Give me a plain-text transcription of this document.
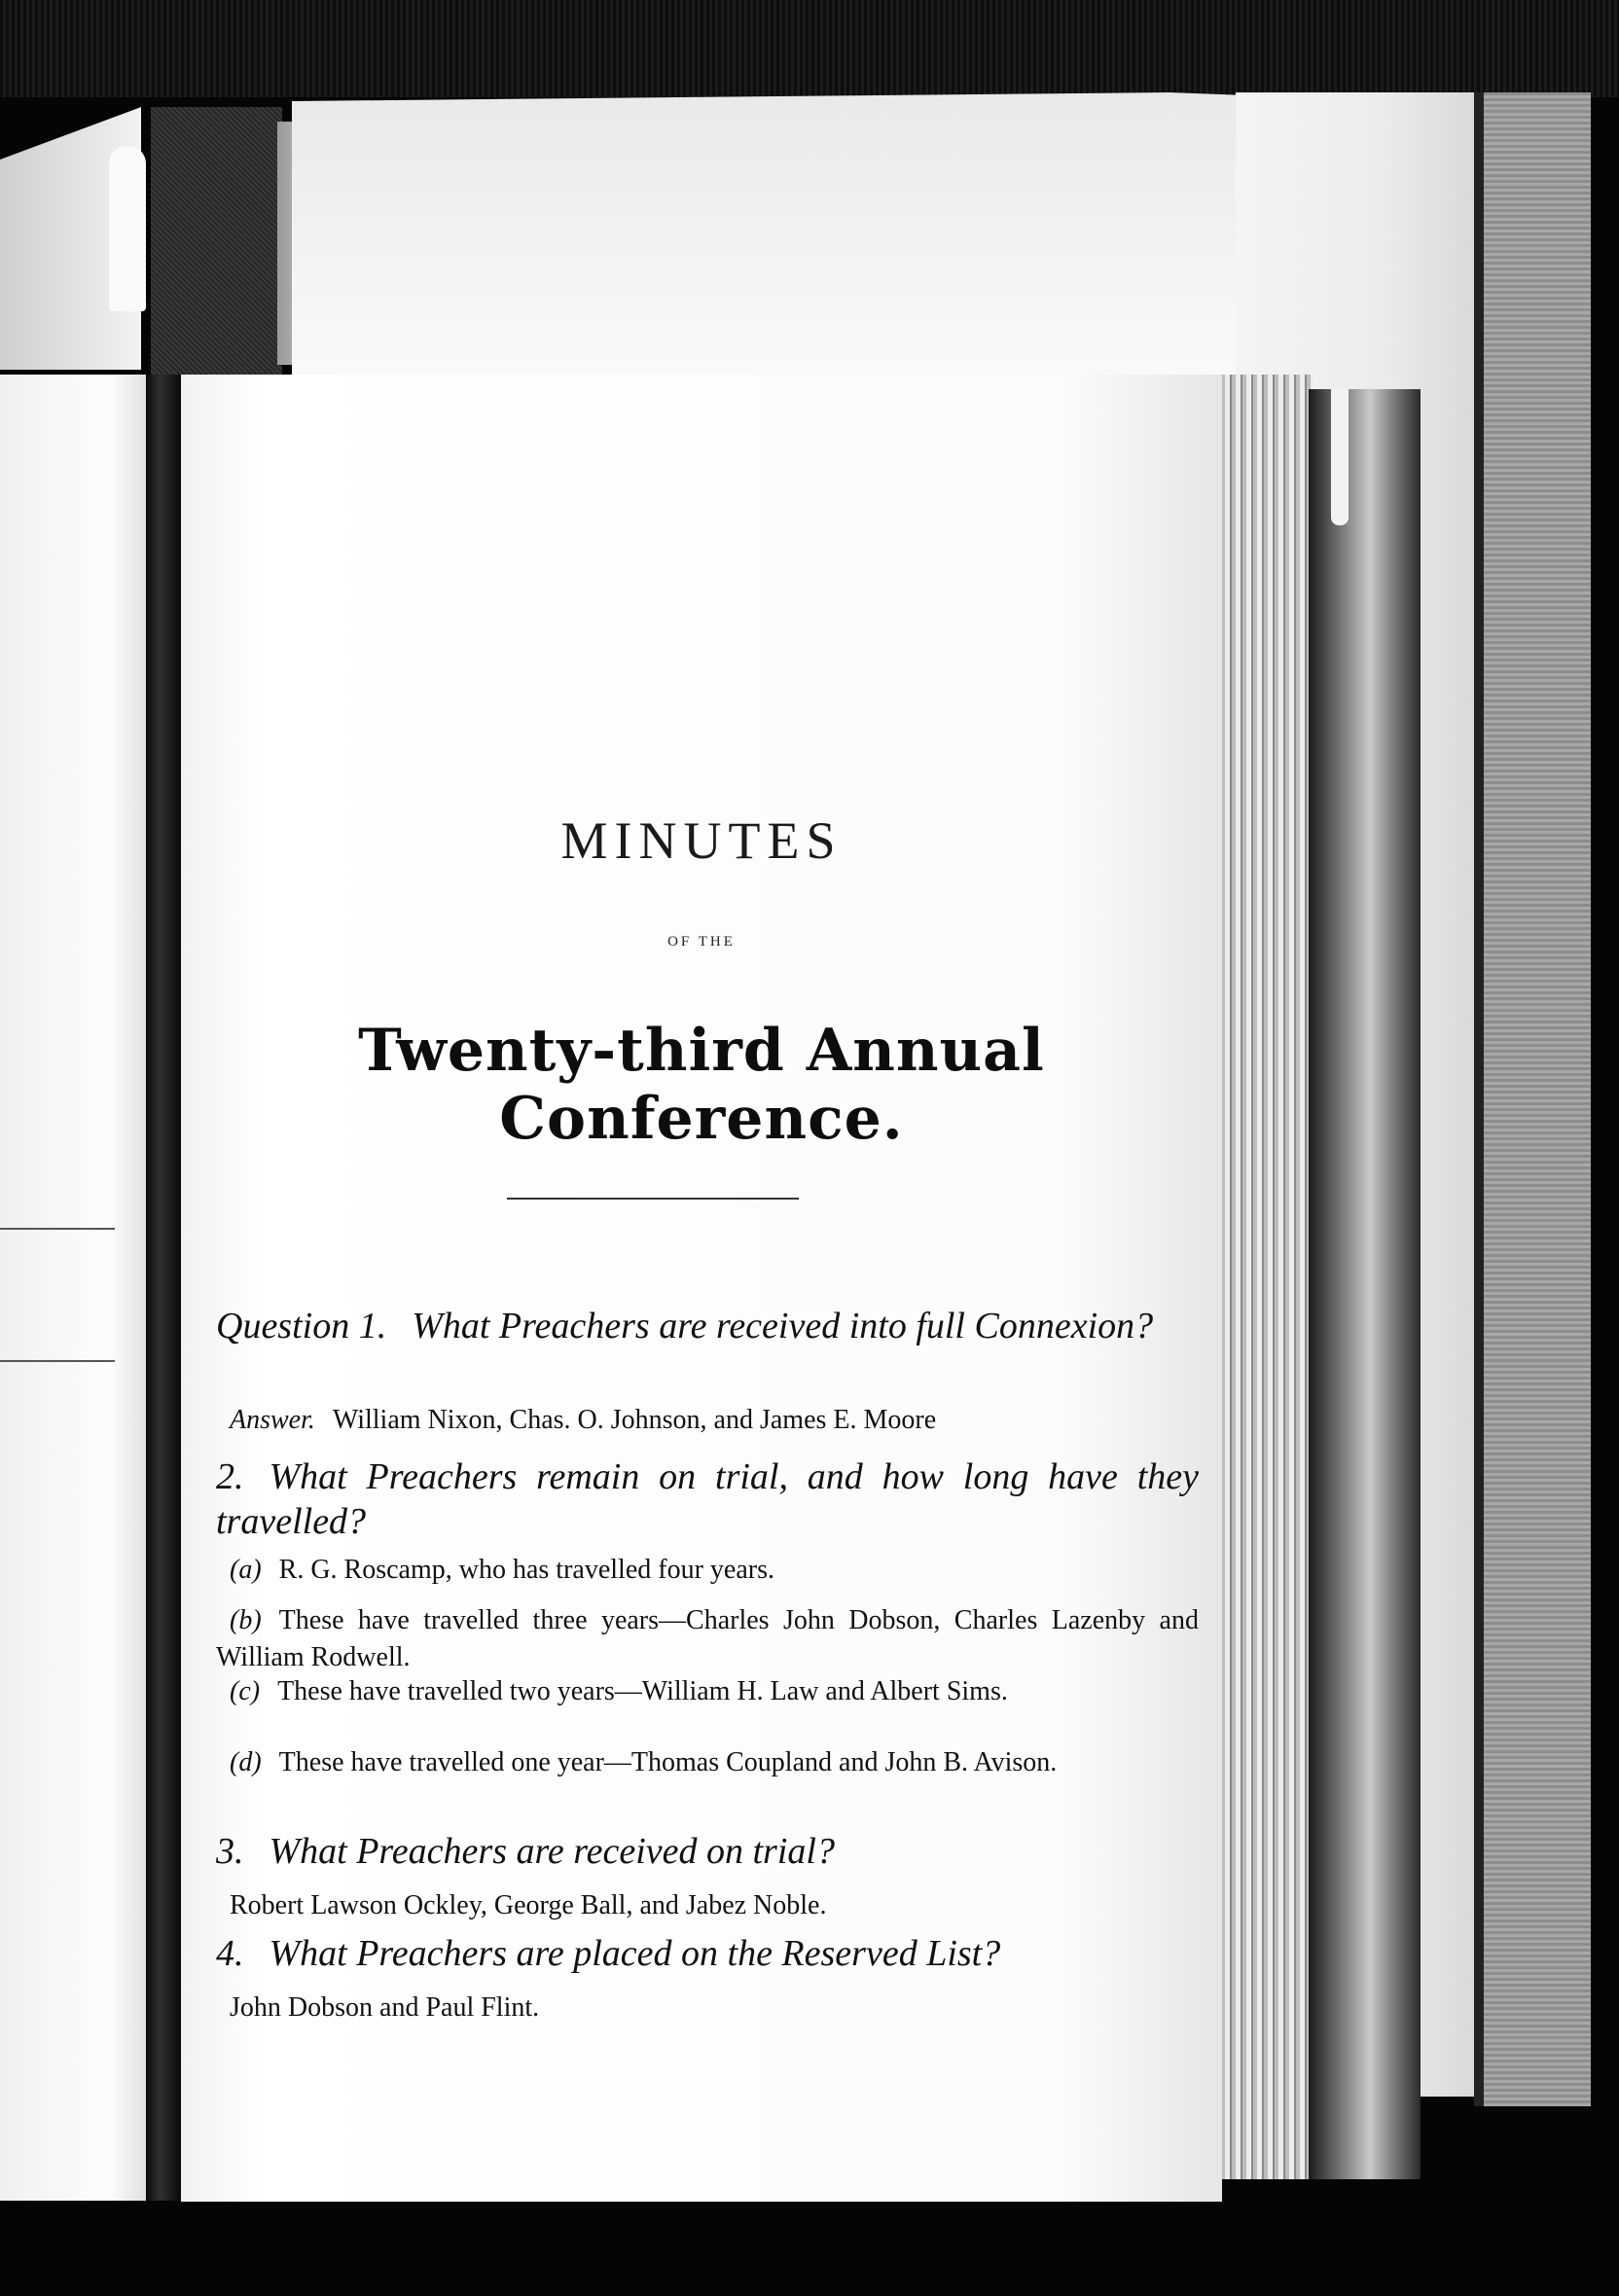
MINUTES
OF THE
Twenty-third Annual Conference.
Question 1. What Preachers are received into full Connexion?
Answer. William Nixon, Chas. O. Johnson, and James E. Moore
2. What Preachers remain on trial, and how long have they travelled?
(a) R. G. Roscamp, who has travelled four years.
(b) These have travelled three years—Charles John Dobson, Charles Lazenby and William Rodwell.
(c) These have travelled two years—William H. Law and Albert Sims.
(d) These have travelled one year—Thomas Coupland and John B. Avison.
3. What Preachers are received on trial?
Robert Lawson Ockley, George Ball, and Jabez Noble.
4. What Preachers are placed on the Reserved List?
John Dobson and Paul Flint.
